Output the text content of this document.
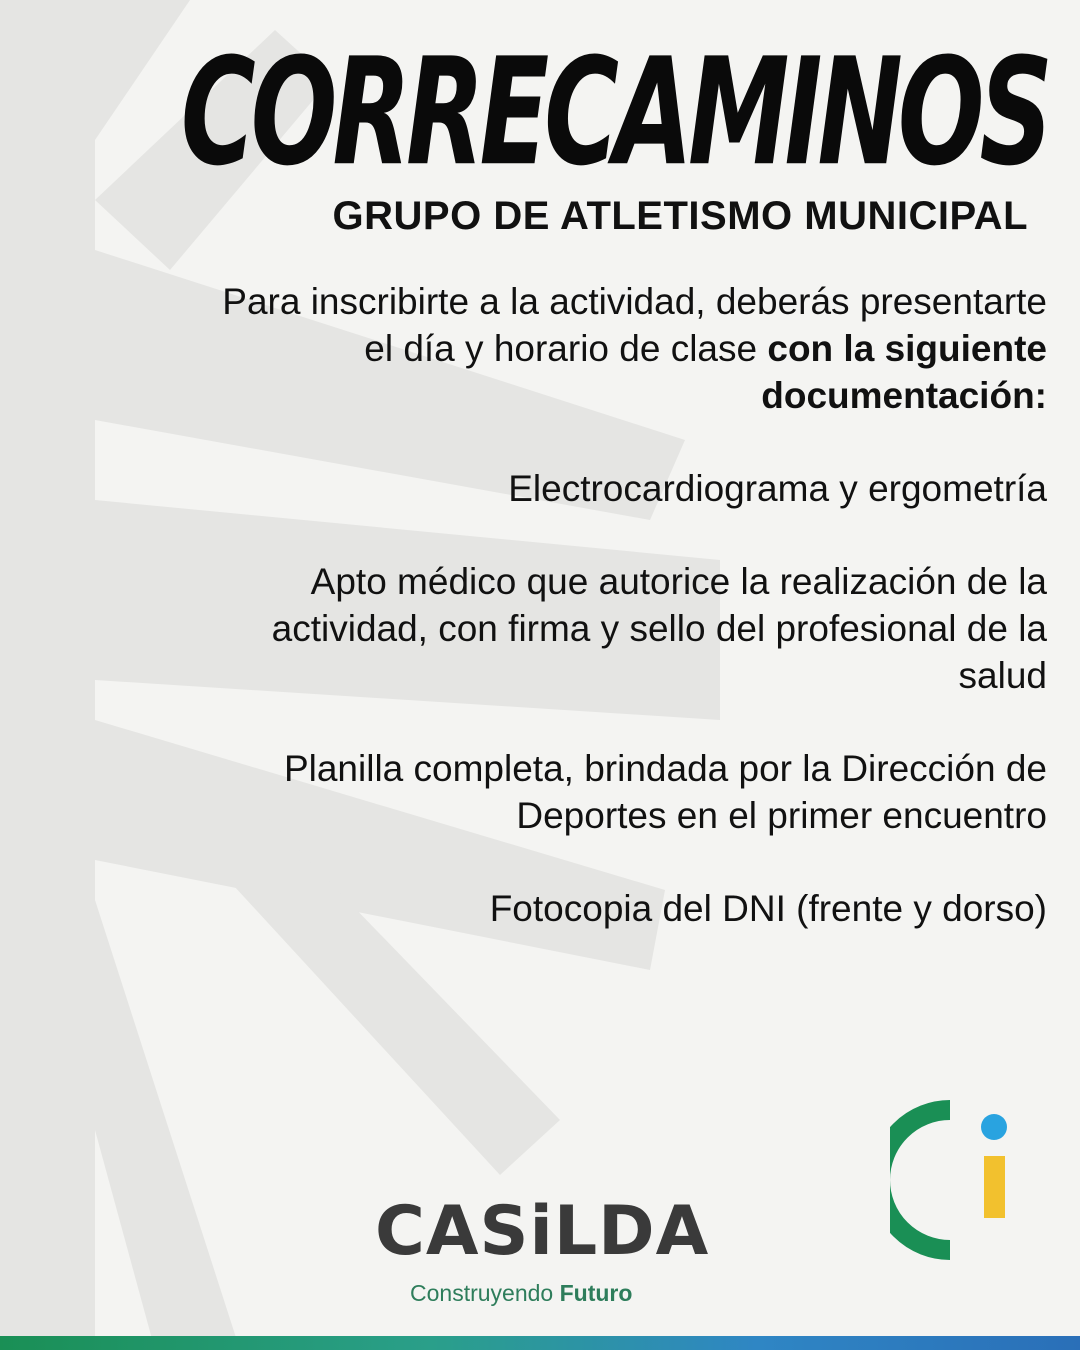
CORRECAMINOS
GRUPO DE ATLETISMO MUNICIPAL

Para inscribirte a la actividad, deberás presentarte el día y horario de clase con la siguiente documentación:

Electrocardiograma y ergometría

Apto médico que autorice la realización de la actividad, con firma y sello del profesional de la salud

Planilla completa, brindada por la Dirección de Deportes en el primer encuentro

Fotocopia del DNI (frente y dorso)

CASiLDA
Construyendo Futuro
